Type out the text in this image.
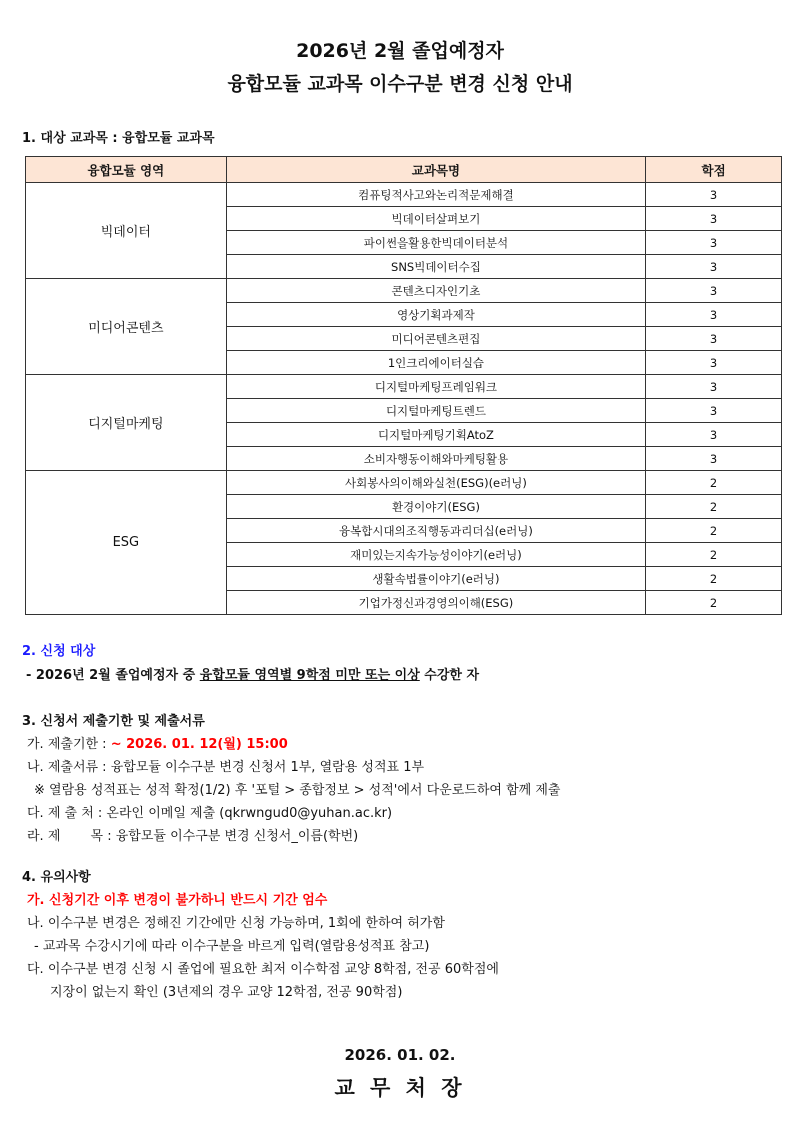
2026년 2월 졸업예정자
융합모듈 교과목 이수구분 변경 신청 안내
1. 대상 교과목 : 융합모듈 교과목
융합모듈 영역	교과목명	학점
빅데이터	컴퓨팅적사고와논리적문제해결	3
	빅데이터살펴보기	3
	파이썬을활용한빅데이터분석	3
	SNS빅데이터수집	3
미디어콘텐츠	콘텐츠디자인기초	3
	영상기획과제작	3
	미디어콘텐츠편집	3
	1인크리에이터실습	3
디지털마케팅	디지털마케팅프레임워크	3
	디지털마케팅트렌드	3
	디지털마케팅기획AtoZ	3
	소비자행동이해와마케팅활용	3
ESG	사회봉사의이해와실천(ESG)(e러닝)	2
	환경이야기(ESG)	2
	융복합시대의조직행동과리더십(e러닝)	2
	재미있는지속가능성이야기(e러닝)	2
	생활속법률이야기(e러닝)	2
	기업가정신과경영의이해(ESG)	2
2. 신청 대상
- 2026년 2월 졸업예정자 중 융합모듈 영역별 9학점 미만 또는 이상 수강한 자
3. 신청서 제출기한 및 제출서류
가. 제출기한 : ~ 2026. 01. 12(월) 15:00
나. 제출서류 : 융합모듈 이수구분 변경 신청서 1부, 열람용 성적표 1부
※ 열람용 성적표는 성적 확정(1/2) 후 '포털 > 종합정보 > 성적'에서 다운로드하여 함께 제출
다. 제 출 처 : 온라인 이메일 제출 (qkrwngud0@yuhan.ac.kr)
라. 제　　 목 : 융합모듈 이수구분 변경 신청서_이름(학번)
4. 유의사항
가. 신청기간 이후 변경이 불가하니 반드시 기간 엄수
나. 이수구분 변경은 정해진 기간에만 신청 가능하며, 1회에 한하여 허가함
- 교과목 수강시기에 따라 이수구분을 바르게 입력(열람용성적표 참고)
다. 이수구분 변경 신청 시 졸업에 필요한 최저 이수학점 교양 8학점, 전공 60학점에
지장이 없는지 확인 (3년제의 경우 교양 12학점, 전공 90학점)
2026. 01. 02.
교 무 처 장
